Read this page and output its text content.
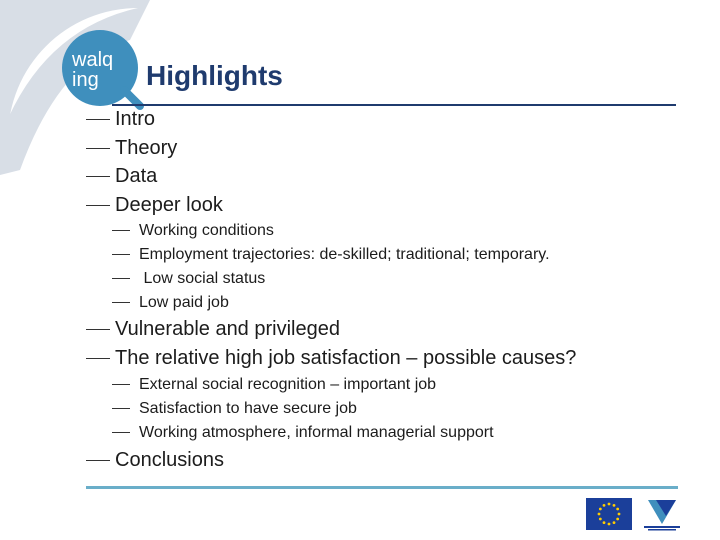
walq
ing Highlights
Intro
Theory
Data
Deeper look
Working conditions
Employment trajectories: de-skilled; traditional; temporary.
Low social status
Low paid job
Vulnerable and privileged
The relative high job satisfaction – possible causes?
External social recognition – important job
Satisfaction to have secure job
Working atmosphere, informal managerial support
Conclusions
